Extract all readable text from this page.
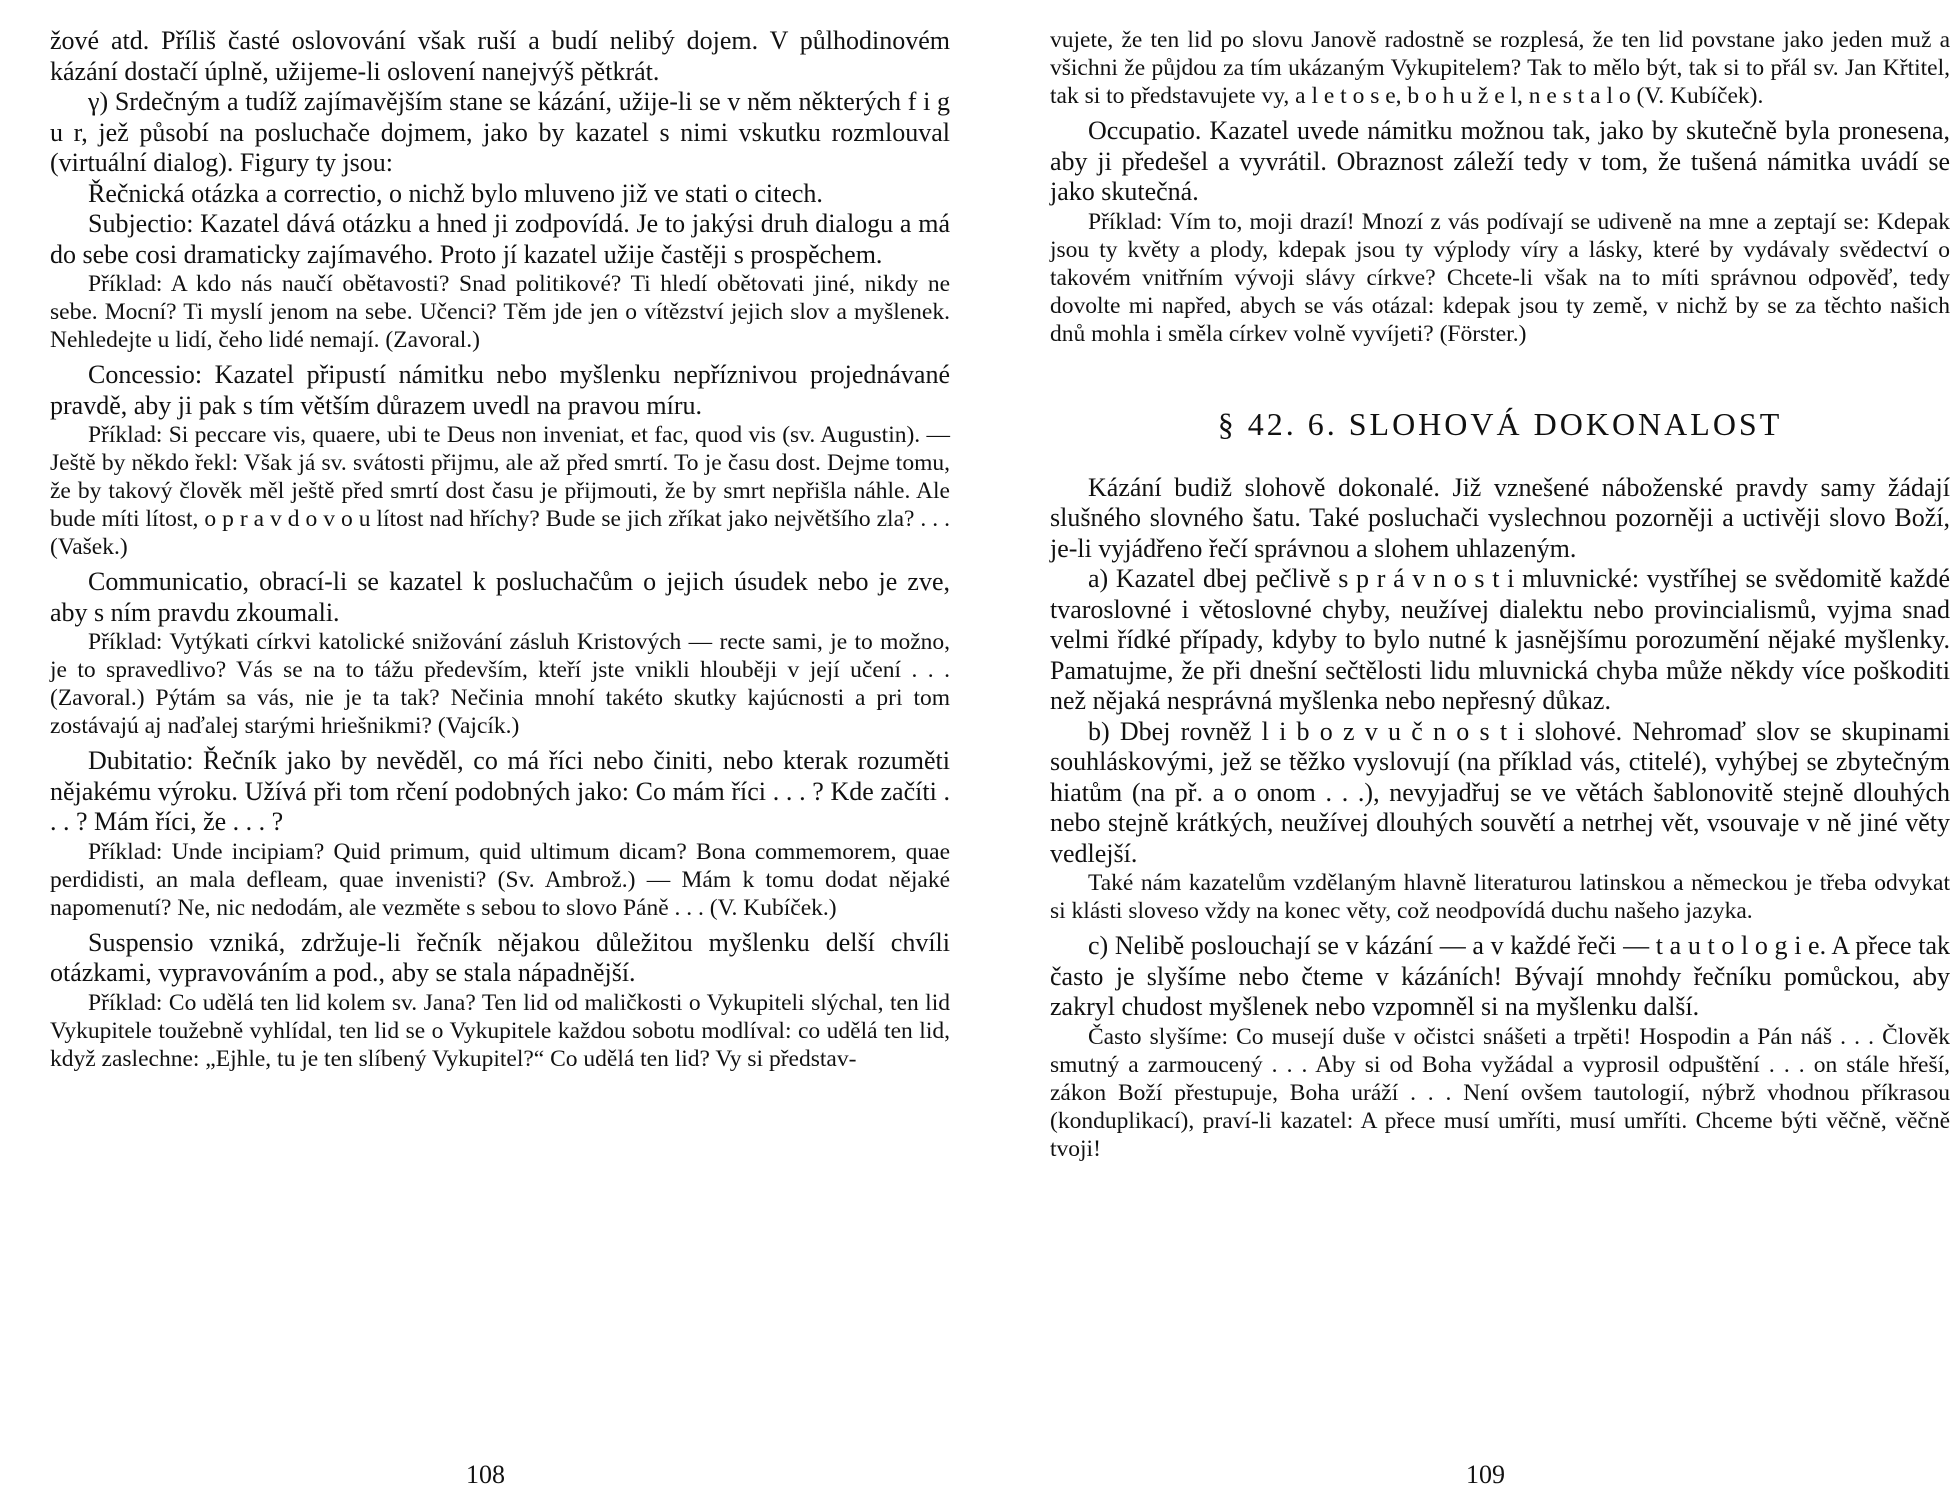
žové atd. Příliš časté oslovování však ruší a budí nelibý dojem. V půlhodinovém kázání dostačí úplně, užijeme-li oslovení nanejvýš pětkrát.

γ) Srdečným a tudíž zajímavějším stane se kázání, užije-li se v něm některých f i g u r, jež působí na posluchače dojmem, jako by kazatel s nimi vskutku rozmlouval (virtuální dialog). Figury ty jsou:

Řečnická otázka a correctio, o nichž bylo mluveno již ve stati o citech.

Subjectio: Kazatel dává otázku a hned ji zodpovídá. Je to jakýsi druh dialogu a má do sebe cosi dramaticky zajímavého. Proto jí kazatel užije častěji s prospěchem.

Příklad: A kdo nás naučí obětavosti? Snad politikové? Ti hledí obětovati jiné, nikdy ne sebe. Mocní? Ti myslí jenom na sebe. Učenci? Těm jde jen o vítězství jejich slov a myšlenek. Nehledejte u lidí, čeho lidé nemají. (Zavoral.)

Concessio: Kazatel připustí námitku nebo myšlenku nepříznivou projednávané pravdě, aby ji pak s tím větším důrazem uvedl na pravou míru.

Příklad: Si peccare vis, quaere, ubi te Deus non inveniat, et fac, quod vis (sv. Augustin). — Ještě by někdo řekl: Však já sv. svátosti přijmu, ale až před smrtí. To je času dost. Dejme tomu, že by takový člověk měl ještě před smrtí dost času je přijmouti, že by smrt nepřišla náhle. Ale bude míti lítost, o p r a v d o v o u lítost nad hříchy? Bude se jich zříkat jako největšího zla? . . . (Vašek.)

Communicatio, obrací-li se kazatel k posluchačům o jejich úsudek nebo je zve, aby s ním pravdu zkoumali.

Příklad: Vytýkati církvi katolické snižování zásluh Kristových — recte sami, je to možno, je to spravedlivo? Vás se na to tážu především, kteří jste vnikli hlouběji v její učení . . . (Zavoral.) Pýtám sa vás, nie je ta tak? Nečinia mnohí takéto skutky kajúcnosti a pri tom zostávajú aj naďalej starými hriešnikmi? (Vajcík.)

Dubitatio: Řečník jako by nevěděl, co má říci nebo činiti, nebo kterak rozuměti nějakému výroku. Užívá při tom rčení podobných jako: Co mám říci . . . ? Kde začíti . . . ? Mám říci, že . . . ?

Příklad: Unde incipiam? Quid primum, quid ultimum dicam? Bona commemorem, quae perdidisti, an mala defleam, quae invenisti? (Sv. Ambrož.) — Mám k tomu dodat nějaké napomenutí? Ne, nic nedodám, ale vezměte s sebou to slovo Páně . . . (V. Kubíček.)

Suspensio vzniká, zdržuje-li řečník nějakou důležitou myšlenku delší chvíli otázkami, vypravováním a pod., aby se stala nápadnější.

Příklad: Co udělá ten lid kolem sv. Jana? Ten lid od maličkosti o Vykupiteli slýchal, ten lid Vykupitele toužebně vyhlídal, ten lid se o Vykupitele každou sobotu modlíval: co udělá ten lid, když zaslechne: „Ejhle, tu je ten slíbený Vykupitel?“ Co udělá ten lid? Vy si představ-

108

vujete, že ten lid po slovu Janově radostně se rozplesá, že ten lid povstane jako jeden muž a všichni že půjdou za tím ukázaným Vykupitelem? Tak to mělo být, tak si to přál sv. Jan Křtitel, tak si to představujete vy, a l e t o s e, b o h u ž e l, n e s t a l o (V. Kubíček).

Occupatio. Kazatel uvede námitku možnou tak, jako by skutečně byla pronesena, aby ji předešel a vyvrátil. Obraznost záleží tedy v tom, že tušená námitka uvádí se jako skutečná.

Příklad: Vím to, moji drazí! Mnozí z vás podívají se udiveně na mne a zeptají se: Kdepak jsou ty květy a plody, kdepak jsou ty výplody víry a lásky, které by vydávaly svědectví o takovém vnitřním vývoji slávy církve? Chcete-li však na to míti správnou odpověď, tedy dovolte mi napřed, abych se vás otázal: kdepak jsou ty země, v nichž by se za těchto našich dnů mohla i směla církev volně vyvíjeti? (Förster.)

§ 42. 6. SLOHOVÁ DOKONALOST

Kázání budiž slohově dokonalé. Již vznešené náboženské pravdy samy žádají slušného slovného šatu. Také posluchači vyslechnou pozorněji a uctivěji slovo Boží, je-li vyjádřeno řečí správnou a slohem uhlazeným.

a) Kazatel dbej pečlivě s p r á v n o s t i mluvnické: vystříhej se svědomitě každé tvaroslovné i větoslovné chyby, neužívej dialektu nebo provincialismů, vyjma snad velmi řídké případy, kdyby to bylo nutné k jasnějšímu porozumění nějaké myšlenky. Pamatujme, že při dnešní sečtělosti lidu mluvnická chyba může někdy více poškoditi než nějaká nesprávná myšlenka nebo nepřesný důkaz.

b) Dbej rovněž l i b o z v u č n o s t i slohové. Nehromaď slov se skupinami souhláskovými, jež se těžko vyslovují (na příklad vás, ctitelé), vyhýbej se zbytečným hiatům (na př. a o onom . . .), nevyjadřuj se ve větách šablonovitě stejně dlouhých nebo stejně krátkých, neužívej dlouhých souvětí a netrhej vět, vsouvaje v ně jiné věty vedlejší.

Také nám kazatelům vzdělaným hlavně literaturou latinskou a německou je třeba odvykat si klásti sloveso vždy na konec věty, což neodpovídá duchu našeho jazyka.

c) Nelibě poslouchají se v kázání — a v každé řeči — t a u t o l o g i e. A přece tak často je slyšíme nebo čteme v kázáních! Bývají mnohdy řečníku pomůckou, aby zakryl chudost myšlenek nebo vzpomněl si na myšlenku další.

Často slyšíme: Co musejí duše v očistci snášeti a trpěti! Hospodin a Pán náš . . . Člověk smutný a zarmoucený . . . Aby si od Boha vyžádal a vyprosil odpuštění . . . on stále hřeší, zákon Boží přestupuje, Boha uráží . . . Není ovšem tautologií, nýbrž vhodnou příkrasou (konduplikací), praví-li kazatel: A přece musí umříti, musí umříti. Chceme býti věčně, věčně tvoji!

109
